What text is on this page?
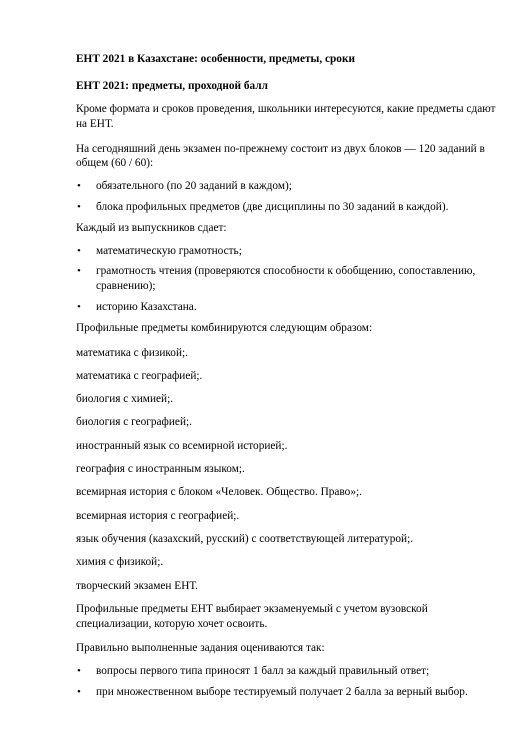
ЕНТ 2021 в Казахстане: особенности, предметы, сроки
ЕНТ 2021: предметы, проходной балл

Кроме формата и сроков проведения, школьники интересуются, какие предметы сдают на ЕНТ.

На сегодняшний день экзамен по-прежнему состоит из двух блоков — 120 заданий в общем (60 / 60):

• обязательного (по 20 заданий в каждом);
• блока профильных предметов (две дисциплины по 30 заданий в каждой).

Каждый из выпускников сдает:

• математическую грамотность;
• грамотность чтения (проверяются способности к обобщению, сопоставлению, сравнению);
• историю Казахстана.

Профильные предметы комбинируются следующим образом:

математика с физикой;.

математика с географией;.

биология с химией;.

биология с географией;.

иностранный язык со всемирной историей;.

география с иностранным языком;.

всемирная история с блоком «Человек. Общество. Право»;.

всемирная история с географией;.

язык обучения (казахский, русский) с соответствующей литературой;.

химия с физикой;.

творческий экзамен ЕНТ.

Профильные предметы ЕНТ выбирает экзаменуемый с учетом вузовской специализации, которую хочет освоить.

Правильно выполненные задания оцениваются так:

• вопросы первого типа приносят 1 балл за каждый правильный ответ;
• при множественном выборе тестируемый получает 2 балла за верный выбор.
